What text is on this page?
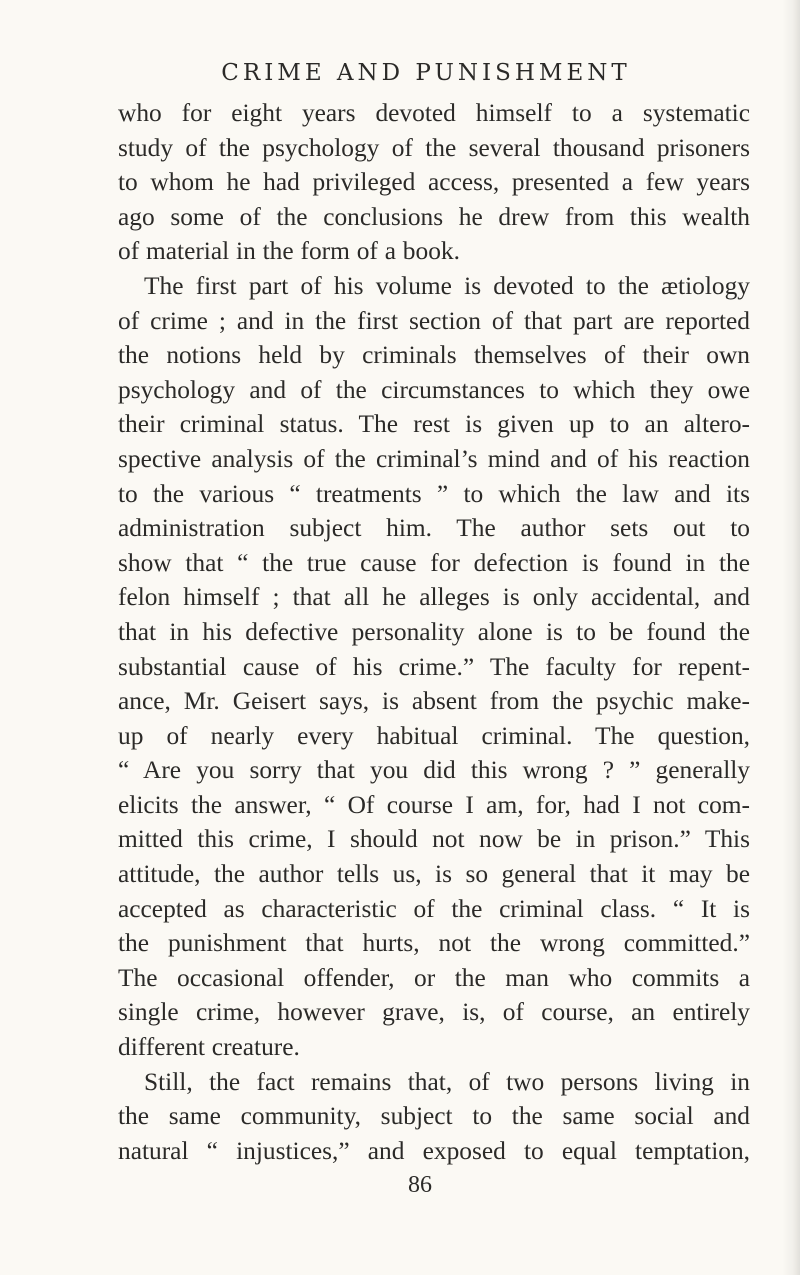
CRIME AND PUNISHMENT
who for eight years devoted himself to a systematic
study of the psychology of the several thousand prisoners
to whom he had privileged access, presented a few years
ago some of the conclusions he drew from this wealth
of material in the form of a book.
The first part of his volume is devoted to the ætiology
of crime ; and in the first section of that part are reported
the notions held by criminals themselves of their own
psychology and of the circumstances to which they owe
their criminal status. The rest is given up to an altero-
spective analysis of the criminal’s mind and of his reaction
to the various “ treatments ” to which the law and its
administration subject him. The author sets out to
show that “ the true cause for defection is found in the
felon himself ; that all he alleges is only accidental, and
that in his defective personality alone is to be found the
substantial cause of his crime.” The faculty for repent-
ance, Mr. Geisert says, is absent from the psychic make-
up of nearly every habitual criminal. The question,
“ Are you sorry that you did this wrong ? ” generally
elicits the answer, “ Of course I am, for, had I not com-
mitted this crime, I should not now be in prison.” This
attitude, the author tells us, is so general that it may be
accepted as characteristic of the criminal class. “ It is
the punishment that hurts, not the wrong committed.”
The occasional offender, or the man who commits a
single crime, however grave, is, of course, an entirely
different creature.
Still, the fact remains that, of two persons living in
the same community, subject to the same social and
natural “ injustices,” and exposed to equal temptation,
86
